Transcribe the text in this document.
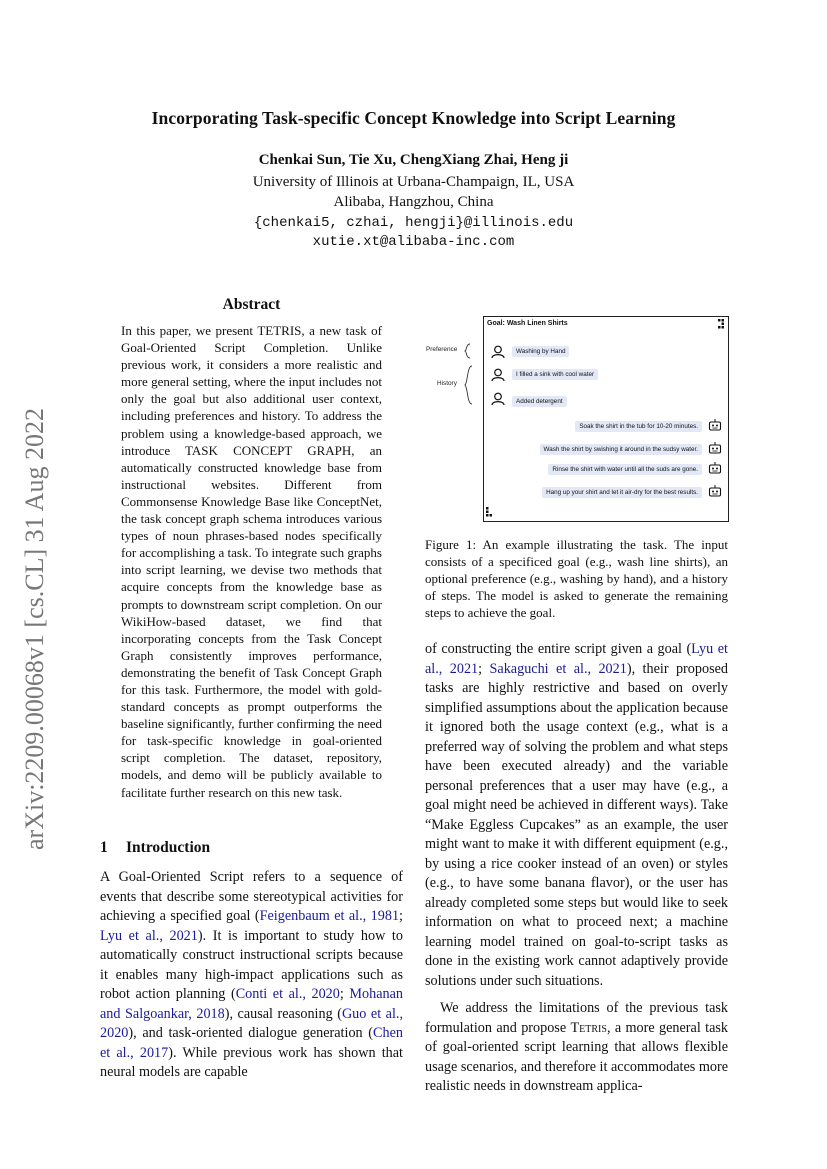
arXiv:2209.00068v1 [cs.CL] 31 Aug 2022
Incorporating Task-specific Concept Knowledge into Script Learning
Chenkai Sun, Tie Xu, ChengXiang Zhai, Heng ji
University of Illinois at Urbana-Champaign, IL, USA
Alibaba, Hangzhou, China
{chenkai5, czhai, hengji}@illinois.edu
xutie.xt@alibaba-inc.com
Abstract
In this paper, we present TETRIS, a new task of Goal-Oriented Script Completion. Unlike previous work, it considers a more realistic and more general setting, where the input includes not only the goal but also additional user context, including preferences and history. To address the problem using a knowledge-based approach, we introduce TASK CONCEPT GRAPH, an automatically constructed knowledge base from instructional websites. Different from Commonsense Knowledge Base like ConceptNet, the task concept graph schema introduces various types of noun phrases-based nodes specifically for accomplishing a task. To integrate such graphs into script learning, we devise two methods that acquire concepts from the knowledge base as prompts to downstream script completion. On our WikiHow-based dataset, we find that incorporating concepts from the Task Concept Graph consistently improves performance, demonstrating the benefit of Task Concept Graph for this task. Furthermore, the model with gold-standard concepts as prompt outperforms the baseline significantly, further confirming the need for task-specific knowledge in goal-oriented script completion. The dataset, repository, models, and demo will be publicly available to facilitate further research on this new task.
1 Introduction

A Goal-Oriented Script refers to a sequence of events that describe some stereotypical activities for achieving a specified goal (Feigenbaum et al., 1981; Lyu et al., 2021). It is important to study how to automatically construct instructional scripts because it enables many high-impact applications such as robot action planning (Conti et al., 2020; Mohanan and Salgoankar, 2018), causal reasoning (Guo et al., 2020), and task-oriented dialogue generation (Chen et al., 2017). While previous work has shown that neural models are capable

Preference
History
Goal: Wash Linen Shirts
Washing by Hand
I filled a sink with cool water
Added detergent
Soak the shirt in the tub for 10-20 minutes.
Wash the shirt by swishing it around in the sudsy water.
Rinse the shirt with water until all the suds are gone.
Hang up your shirt and let it air-dry for the best results.
Figure 1: An example illustrating the task. The input consists of a specificed goal (e.g., wash line shirts), an optional preference (e.g., washing by hand), and a history of steps. The model is asked to generate the remaining steps to achieve the goal.

of constructing the entire script given a goal (Lyu et al., 2021; Sakaguchi et al., 2021), their proposed tasks are highly restrictive and based on overly simplified assumptions about the application because it ignored both the usage context (e.g., what is a preferred way of solving the problem and what steps have been executed already) and the variable personal preferences that a user may have (e.g., a goal might need be achieved in different ways). Take “Make Eggless Cupcakes” as an example, the user might want to make it with different equipment (e.g., by using a rice cooker instead of an oven) or styles (e.g., to have some banana flavor), or the user has already completed some steps but would like to seek information on what to proceed next; a machine learning model trained on goal-to-script tasks as done in the existing work cannot adaptively provide solutions under such situations.

We address the limitations of the previous task formulation and propose Tetris, a more general task of goal-oriented script learning that allows flexible usage scenarios, and therefore it accommodates more realistic needs in downstream applica-
